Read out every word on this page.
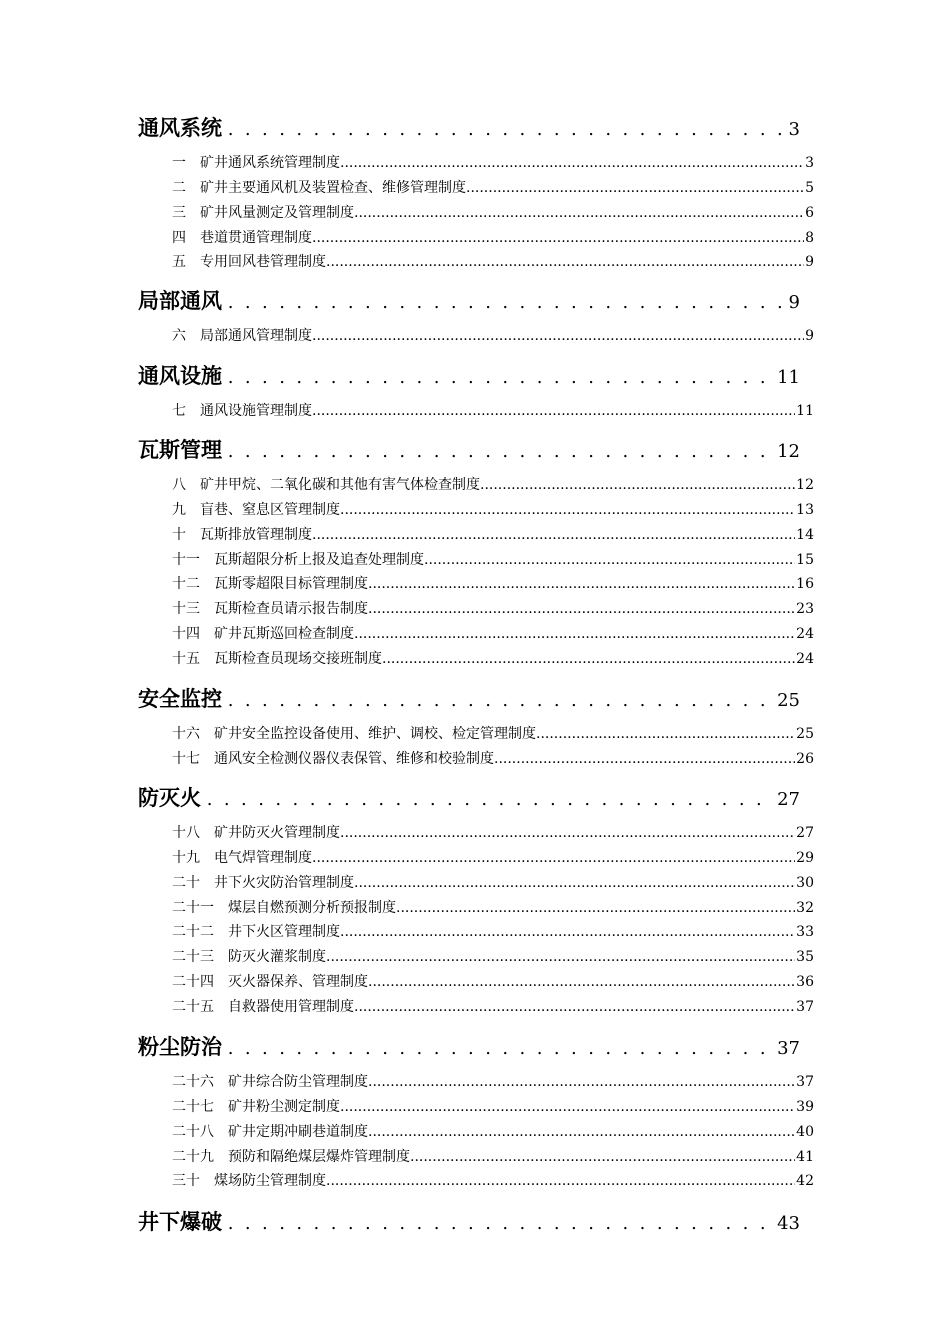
通风系统 . .	3
一	矿井通风系统管理制度 .....	3
二	矿井主要通风机及装置检查、维修管理制度 .....	5
三	矿井风量测定及管理制度 .....	6
四	巷道贯通管理制度 .....	8
五	专用回风巷管理制度 .....	9
局部通风 . .	9
六	局部通风管理制度 .....	9
通风设施 . .	11
七	通风设施管理制度 .....	11
瓦斯管理 . .	12
八	矿井甲烷、二氧化碳和其他有害气体检查制度 .....	12
九	盲巷、窒息区管理制度 .....	13
十	瓦斯排放管理制度 .....	14
十一	瓦斯超限分析上报及追查处理制度 .....	15
十二	瓦斯零超限目标管理制度 .....	16
十三	瓦斯检查员请示报告制度 .....	23
十四	矿井瓦斯巡回检查制度 .....	24
十五	瓦斯检查员现场交接班制度 .....	24
安全监控 . .	25
十六	矿井安全监控设备使用、维护、调校、检定管理制度 .....	25
十七	通风安全检测仪器仪表保管、维修和校验制度 .....	26
防灭火 . .	27
十八	矿井防灭火管理制度 .....	27
十九	电气焊管理制度 .....	29
二十	井下火灾防治管理制度 .....	30
二十一	煤层自燃预测分析预报制度 .....	32
二十二	井下火区管理制度 .....	33
二十三	防灭火灌浆制度 .....	35
二十四	灭火器保养、管理制度 .....	36
二十五	自救器使用管理制度 .....	37
粉尘防治 . .	37
二十六	矿井综合防尘管理制度 .....	37
二十七	矿井粉尘测定制度 .....	39
二十八	矿井定期冲刷巷道制度 .....	40
二十九	预防和隔绝煤层爆炸管理制度 .....	41
三十	煤场防尘管理制度 .....	42
井下爆破 . .	43
